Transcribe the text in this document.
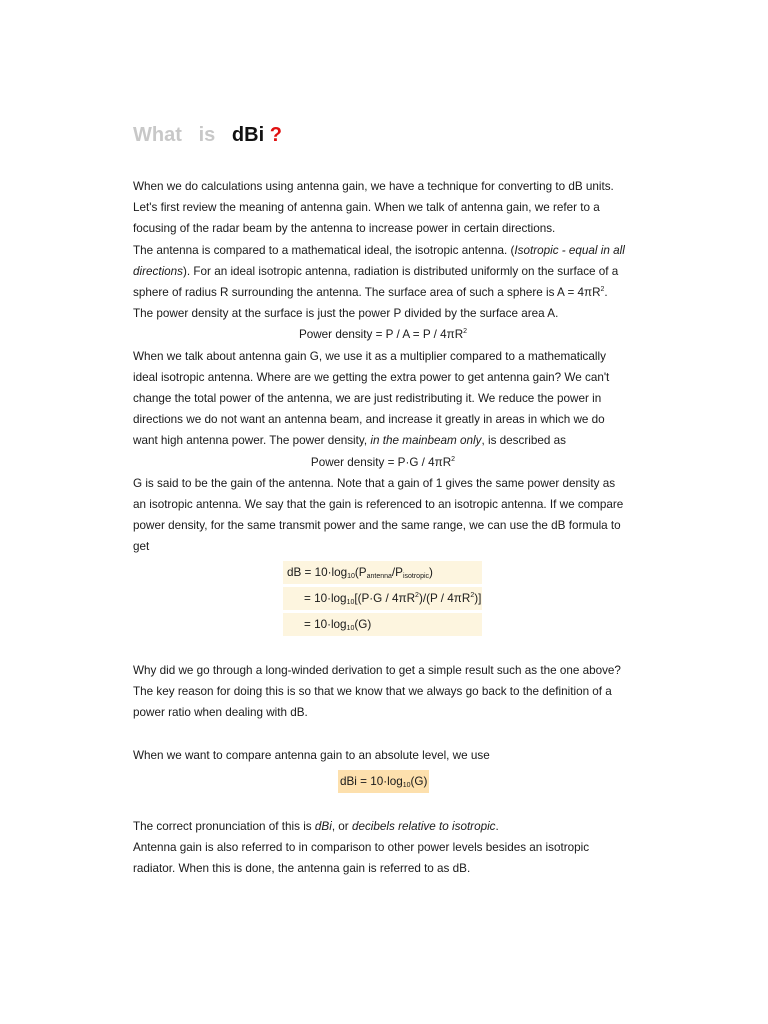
What is dBi ?
When we do calculations using antenna gain, we have a technique for converting to dB units.
Let's first review the meaning of antenna gain. When we talk of antenna gain, we refer to a
focusing of the radar beam by the antenna to increase power in certain directions.
The antenna is compared to a mathematical ideal, the isotropic antenna. (Isotropic - equal in all
directions). For an ideal isotropic antenna, radiation is distributed uniformly on the surface of a
sphere of radius R surrounding the antenna. The surface area of such a sphere is $A = 4\pi R^2$.
The power density at the surface is just the power P divided by the surface area A.
Power density = $P / A = P / 4\pi R^2$
When we talk about antenna gain G, we use it as a multiplier compared to a mathematically
ideal isotropic antenna. Where are we getting the extra power to get antenna gain? We can't
change the total power of the antenna, we are just redistributing it. We reduce the power in
directions we do not want an antenna beam, and increase it greatly in areas in which we do
want high antenna power. The power density, in the mainbeam only, is described as
Power density = $P\cdot G / 4\pi R^2$
G is said to be the gain of the antenna. Note that a gain of 1 gives the same power density as
an isotropic antenna. We say that the gain is referenced to an isotropic antenna. If we compare
power density, for the same transmit power and the same range, we can use the dB formula to
get
dB = $10\cdot\log_{10}(P_{antenna}/P_{isotropic})$
= $10\cdot\log_{10}[(P\cdot G / 4\pi R^2)/(P / 4\pi R^2)]$
= $10\cdot\log_{10}(G)$
Why did we go through a long-winded derivation to get a simple result such as the one above?
The key reason for doing this is so that we know that we always go back to the definition of a
power ratio when dealing with dB.
When we want to compare antenna gain to an absolute level, we use
dBi = $10\cdot\log_{10}(G)$
The correct pronunciation of this is dBi, or decibels relative to isotropic.
Antenna gain is also referred to in comparison to other power levels besides an isotropic
radiator. When this is done, the antenna gain is referred to as dB.
